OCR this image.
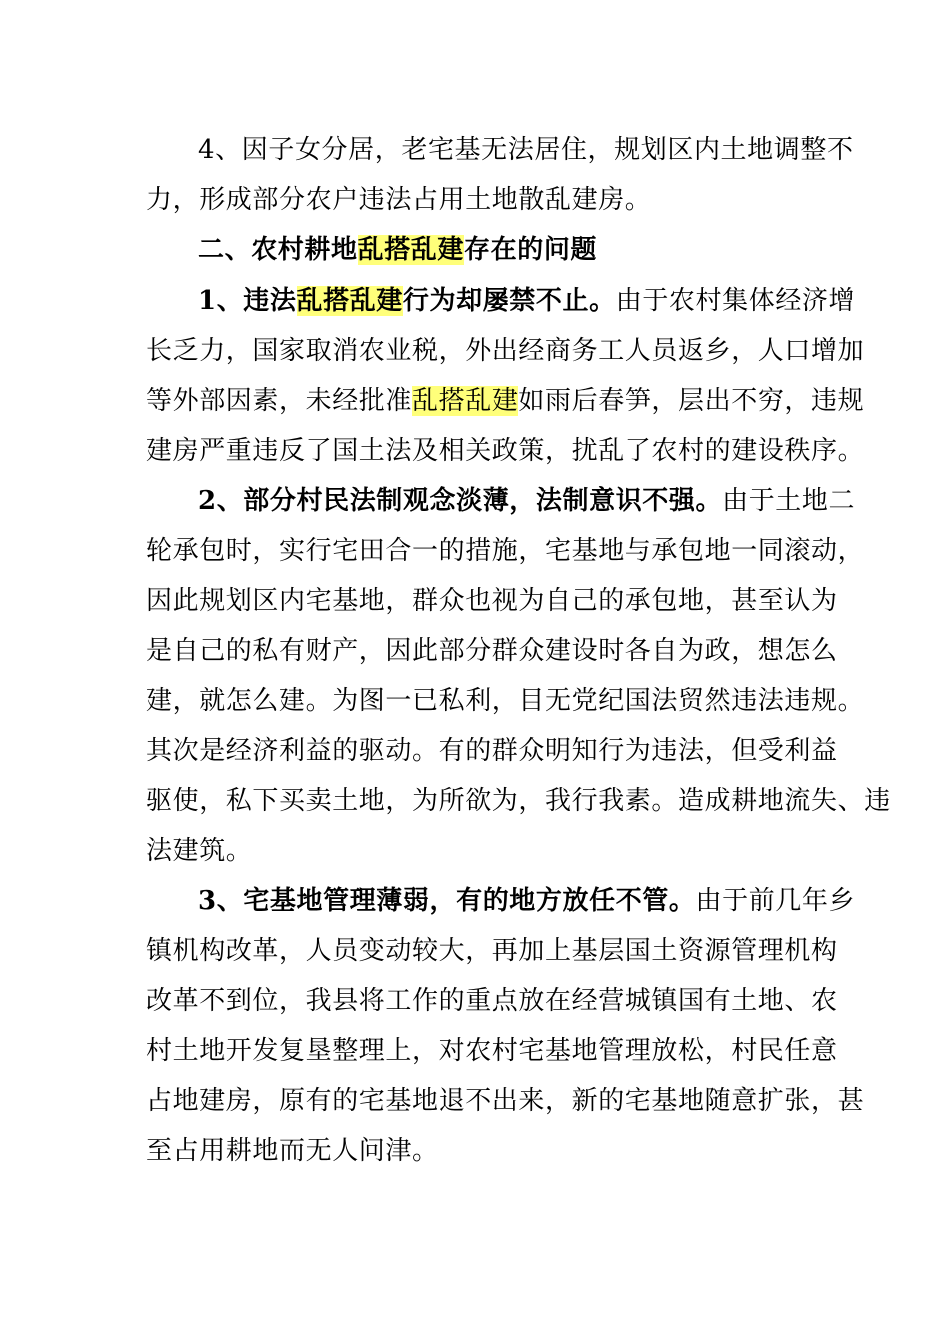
4、因子女分居，老宅基无法居住，规划区内土地调整不
力，形成部分农户违法占用土地散乱建房。
二、农村耕地乱搭乱建存在的问题
1、违法乱搭乱建行为却屡禁不止。由于农村集体经济增
长乏力，国家取消农业税，外出经商务工人员返乡，人口增加
等外部因素，未经批准乱搭乱建如雨后春笋，层出不穷，违规
建房严重违反了国土法及相关政策，扰乱了农村的建设秩序。
2、部分村民法制观念淡薄，法制意识不强。由于土地二
轮承包时，实行宅田合一的措施，宅基地与承包地一同滚动，
因此规划区内宅基地，群众也视为自己的承包地，甚至认为
是自己的私有财产，因此部分群众建设时各自为政，想怎么
建，就怎么建。为图一已私利，目无党纪国法贸然违法违规。
其次是经济利益的驱动。有的群众明知行为违法，但受利益
驱使，私下买卖土地，为所欲为，我行我素。造成耕地流失、违
法建筑。
3、宅基地管理薄弱，有的地方放任不管。由于前几年乡
镇机构改革，人员变动较大，再加上基层国土资源管理机构
改革不到位，我县将工作的重点放在经营城镇国有土地、农
村土地开发复垦整理上，对农村宅基地管理放松，村民任意
占地建房，原有的宅基地退不出来，新的宅基地随意扩张，甚
至占用耕地而无人问津。
